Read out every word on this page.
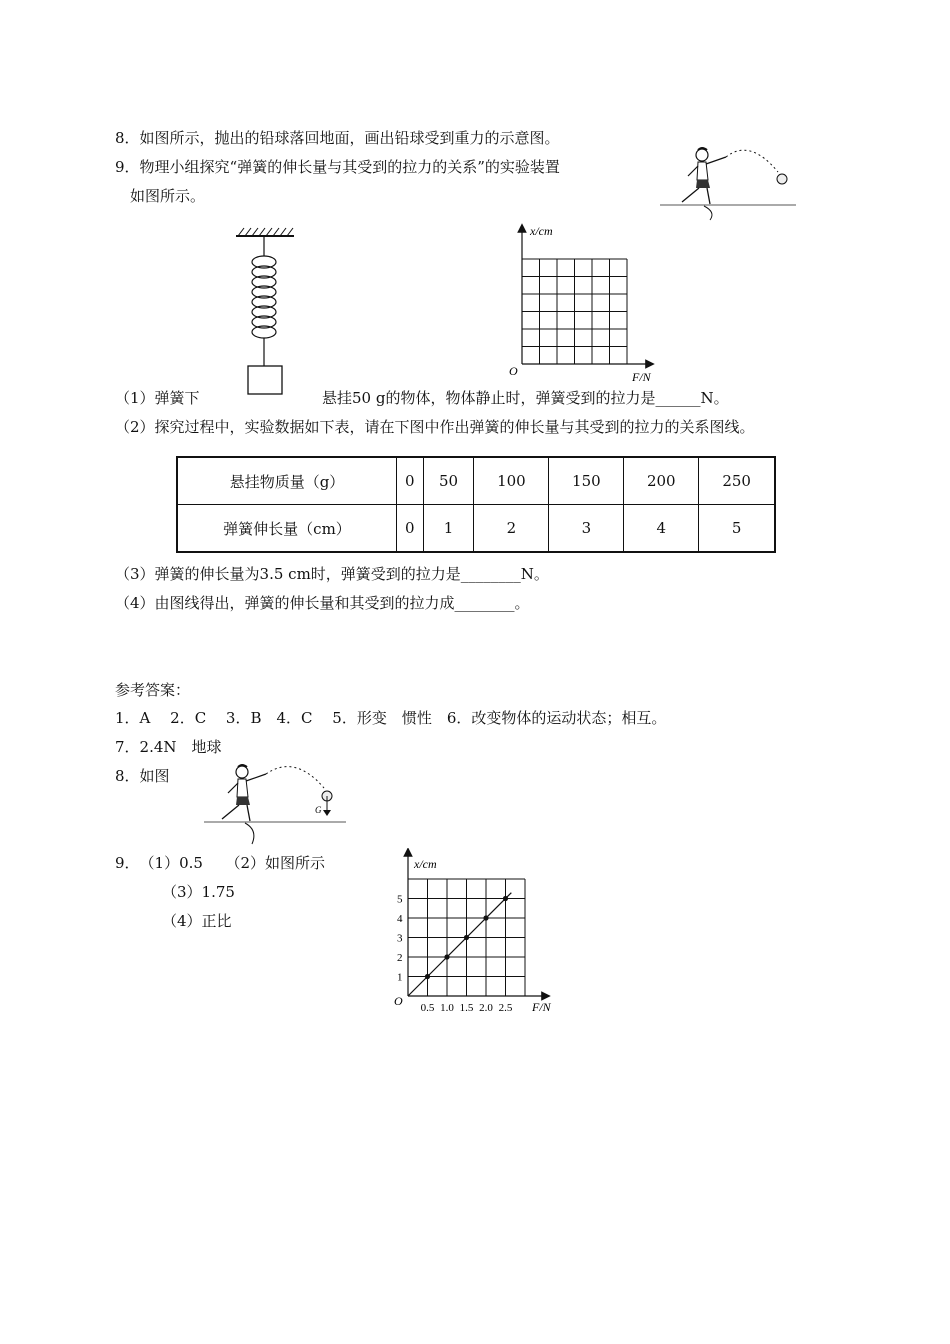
8．如图所示，抛出的铅球落回地面，画出铅球受到重力的示意图。
9．物理小组探究“弹簧的伸长量与其受到的拉力的关系”的实验装置
如图所示。
x/cm
F/N
O
（1）弹簧下	悬挂50 g的物体，物体静止时，弹簧受到的拉力是______N。
（2）探究过程中，实验数据如下表，请在下图中作出弹簧的伸长量与其受到的拉力的关系图线。
悬挂物质量（g）	0	50	100	150	200	250
弹簧伸长量（cm）	0	1	2	3	4	5
（3）弹簧的伸长量为3.5 cm时，弹簧受到的拉力是________N。
（4）由图线得出，弹簧的伸长量和其受到的拉力成________。
参考答案：
1．A　 2．C　 3．B　4．C　 5．形变　惯性　6．改变物体的运动状态；相互。
7．2.4N　地球
8．如图
G
9．　（1）0.5　　（2）如图所示
（3）1.75
（4）正比
1
2
3
4
5
0.5 1.0 1.5 2.0 2.5
x/cm
F/N
O
